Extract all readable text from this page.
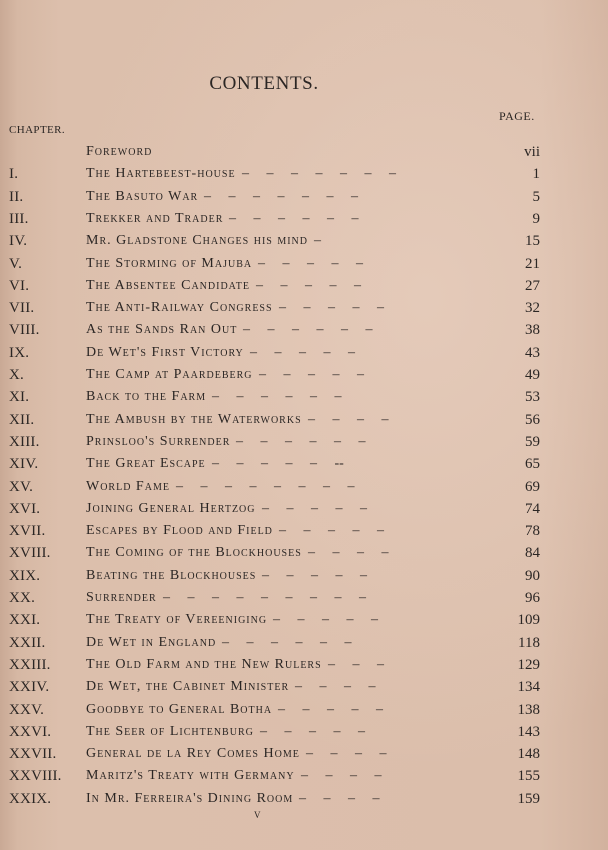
CONTENTS.
CHAPTER.
PAGE.
Foreword	vii
I.	The Hartebeest-house –     –     –     –     –     –     –	1
II.	The Basuto War –     –     –     –     –     –     –	5
III.	Trekker and Trader –     –     –     –     –     –	9
IV.	Mr. Gladstone Changes his mind –	15
V.	The Storming of Majuba –     –     –     –     –	21
VI.	The Absentee Candidate –     –     –     –     –	27
VII.	The Anti-Railway Congress –     –     –     –     –	32
VIII.	As the Sands Ran Out –     –     –     –     –     –	38
IX.	De Wet's First Victory –     –     –     –     –	43
X.	The Camp at Paardeberg –     –     –     –     –	49
XI.	Back to the Farm –     –     –     –     –     –	53
XII.	The Ambush by the Waterworks –     –     –     –	56
XIII.	Prinsloo's Surrender –     –     –     –     –     –	59
XIV.	The Great Escape –     –     –     –     –     --	65
XV.	World Fame –     –     –     –     –     –     –     –	69
XVI.	Joining General Hertzog –     –     –     –     –	74
XVII.	Escapes by Flood and Field –     –     –     –     –	78
XVIII.	The Coming of the Blockhouses –     –     –     –	84
XIX.	Beating the Blockhouses –     –     –     –     –	90
XX.	Surrender –     –     –     –     –     –     –     –     –	96
XXI.	The Treaty of Vereeniging –     –     –     –     –	109
XXII.	De Wet in England –     –     –     –     –     –	118
XXIII.	The Old Farm and the New Rulers –     –     –	129
XXIV.	De Wet, the Cabinet Minister –     –     –     –	134
XXV.	Goodbye to General Botha –     –     –     –     –	138
XXVI. The Seer of Lichtenburg –     –     –     –     –	143
XXVII. General de la Rey Comes Home –     –     –     –	148
XXVIII. Maritz's Treaty with Germany –     –     –     –	155
XXIX. In Mr. Ferreira's Dining Room –     –     –     –	159
v
